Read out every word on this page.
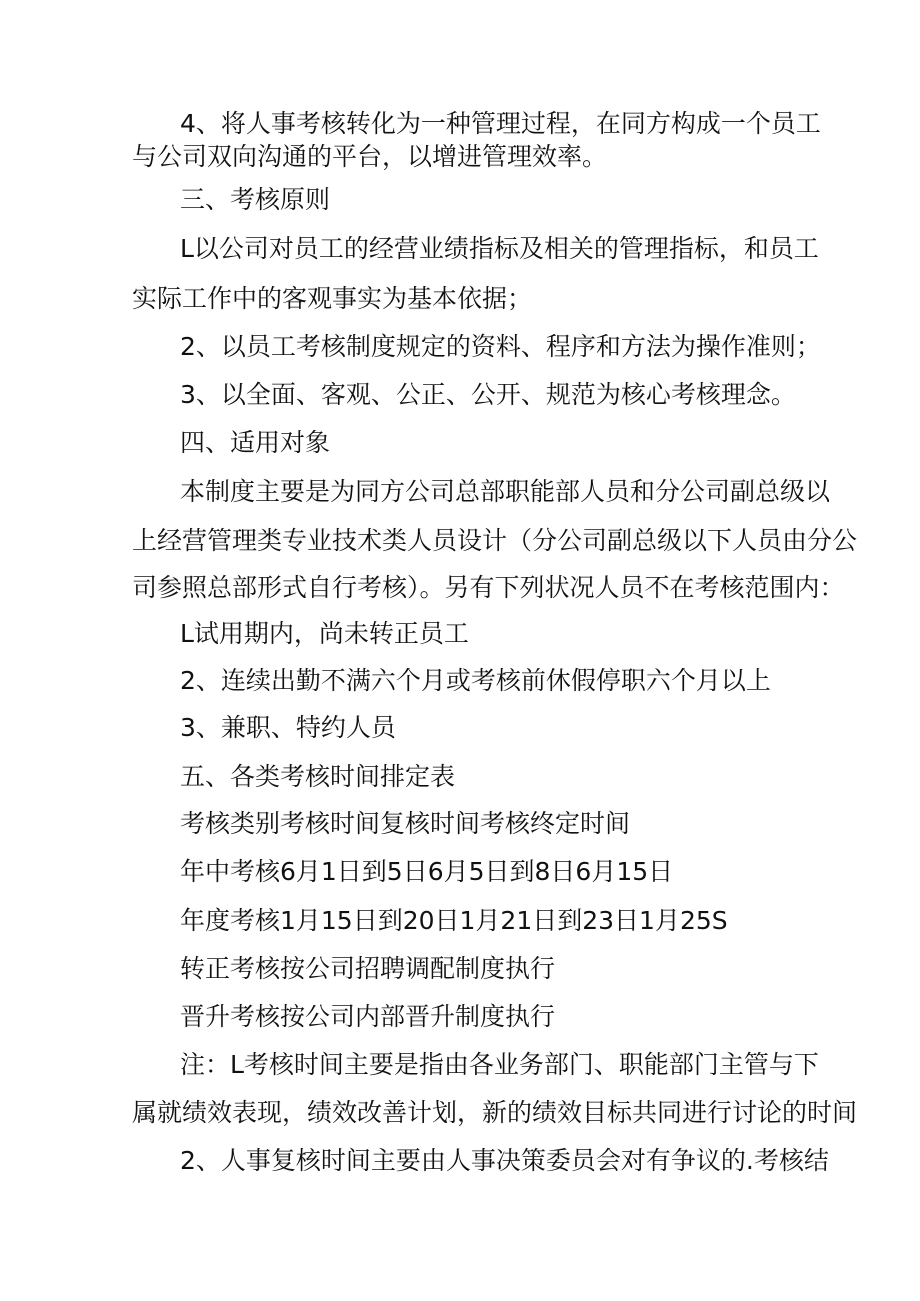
4、将人事考核转化为一种管理过程，在同方构成一个员工
与公司双向沟通的平台，以增进管理效率。
三、考核原则
L以公司对员工的经营业绩指标及相关的管理指标，和员工
实际工作中的客观事实为基本依据；
2、以员工考核制度规定的资料、程序和方法为操作准则；
3、以全面、客观、公正、公开、规范为核心考核理念。
四、适用对象
本制度主要是为同方公司总部职能部人员和分公司副总级以
上经营管理类专业技术类人员设计（分公司副总级以下人员由分公
司参照总部形式自行考核）。另有下列状况人员不在考核范围内：
L试用期内，尚未转正员工
2、连续出勤不满六个月或考核前休假停职六个月以上
3、兼职、特约人员
五、各类考核时间排定表
考核类别考核时间复核时间考核终定时间
年中考核6月1日到5日6月5日到8日6月15日
年度考核1月15日到20日1月21日到23日1月25S
转正考核按公司招聘调配制度执行
晋升考核按公司内部晋升制度执行
注：L考核时间主要是指由各业务部门、职能部门主管与下
属就绩效表现，绩效改善计划，新的绩效目标共同进行讨论的时间
2、人事复核时间主要由人事决策委员会对有争议的.考核结
